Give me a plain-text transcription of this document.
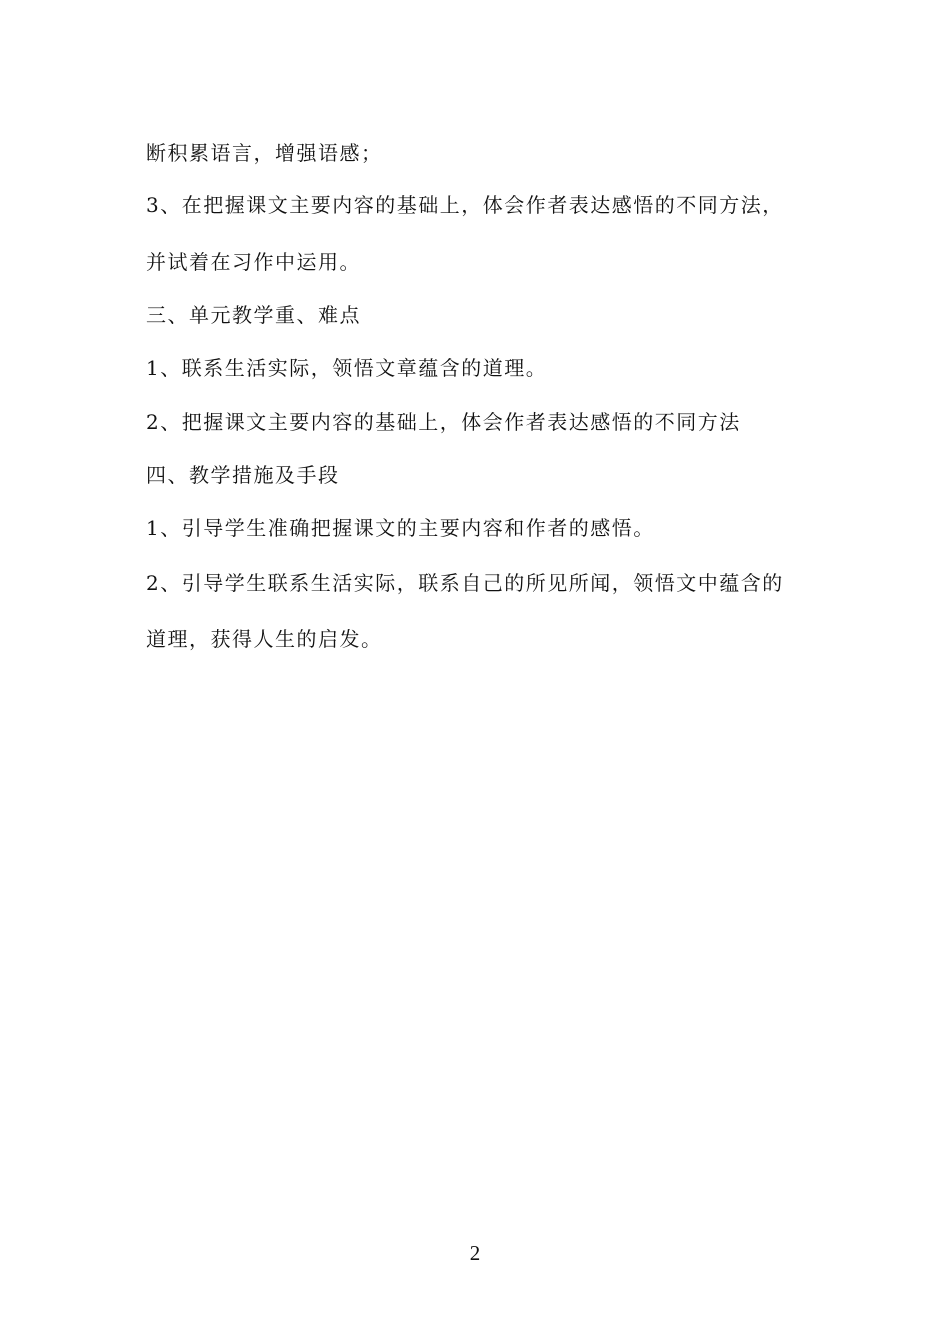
断积累语言，增强语感；
3、在把握课文主要内容的基础上，体会作者表达感悟的不同方法，
并试着在习作中运用。
三、单元教学重、难点
1、联系生活实际，领悟文章蕴含的道理。
2、把握课文主要内容的基础上，体会作者表达感悟的不同方法
四、教学措施及手段
1、引导学生准确把握课文的主要内容和作者的感悟。
2、引导学生联系生活实际，联系自己的所见所闻，领悟文中蕴含的
道理，获得人生的启发。
2
